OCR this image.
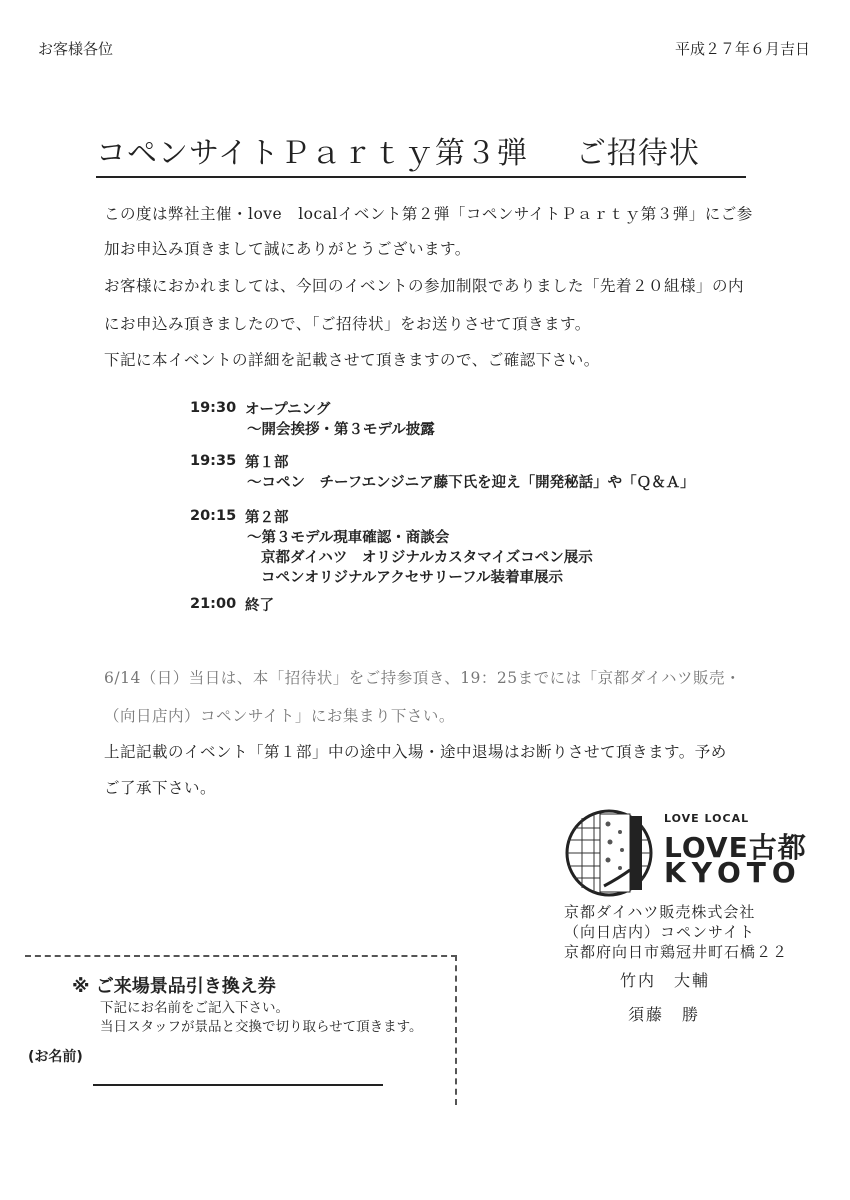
お客様各位	平成２７年６月吉日
コペンサイトＰａｒｔｙ第３弾 ご招待状
この度は弊社主催・love　localイベント第２弾「コペンサイトＰａｒｔｙ第３弾」にご参
加お申込み頂きまして誠にありがとうございます。
お客様におかれましては、今回のイベントの参加制限でありました「先着２０組様」の内
にお申込み頂きましたので、「ご招待状」をお送りさせて頂きます。
下記に本イベントの詳細を記載させて頂きますので、ご確認下さい。
19:30 オープニング
～開会挨拶・第３モデル披露
19:35 第１部
～コペン　チーフエンジニア藤下氏を迎え「開発秘話」や「Ｑ＆Ａ」
20:15 第２部
～第３モデル現車確認・商談会
京都ダイハツ　オリジナルカスタマイズコペン展示
コペンオリジナルアクセサリーフル装着車展示
21:00 終了
6/14（日）当日は、本「招待状」をご持参頂き、19：25までには「京都ダイハツ販売・
（向日店内）コペンサイト」にお集まり下さい。
上記記載のイベント「第１部」中の途中入場・途中退場はお断りさせて頂きます。予め
ご了承下さい。
LOVE LOCAL
LOVE古都
KYOTO
京都ダイハツ販売株式会社
（向日店内）コペンサイト
京都府向日市鶏冠井町石橋２２
竹内　大輔
須藤　勝
※ ご来場景品引き換え券
下記にお名前をご記入下さい。
当日スタッフが景品と交換で切り取らせて頂きます。
(お名前)
